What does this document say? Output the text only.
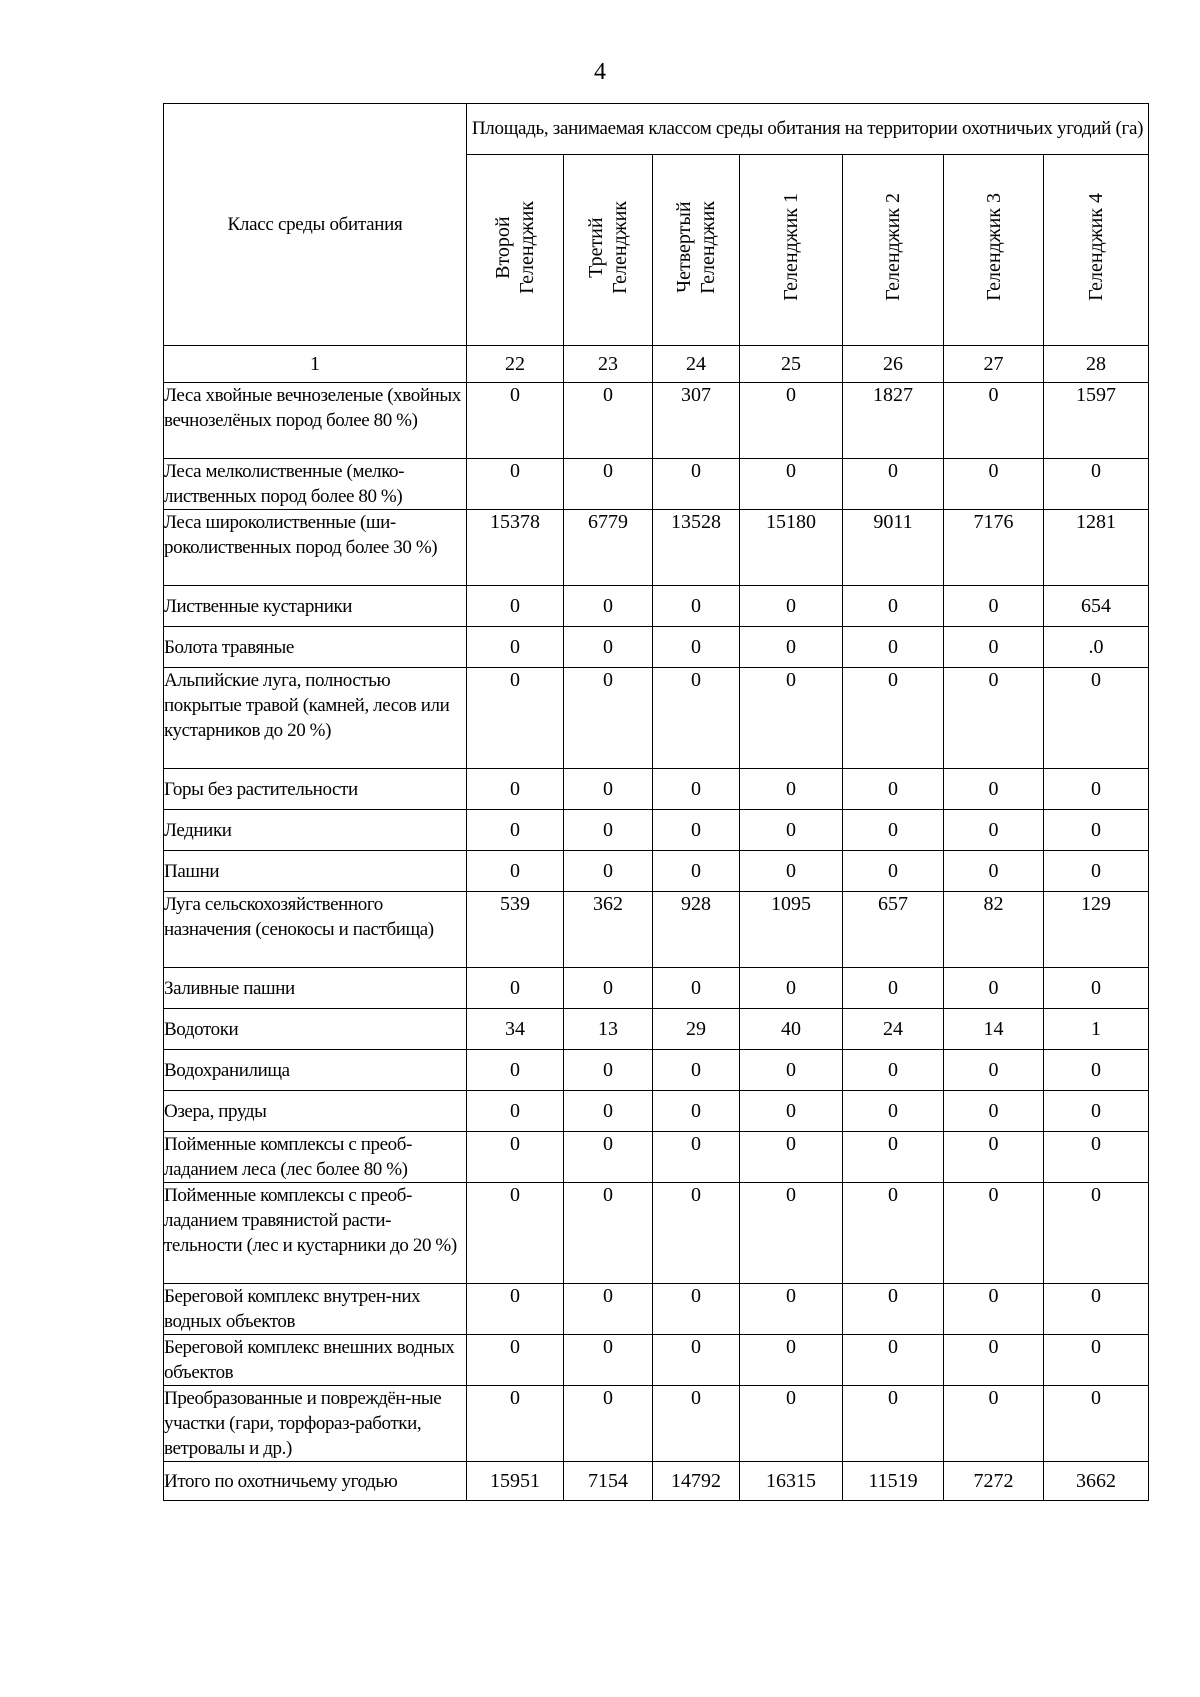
4
Класс среды обитания	Площадь, занимаемая классом среды обитания на территории охотничьих угодий (га)						
	Второй Геленджик	Третий Геленджик	Четвертый Геленджик	Геленджик 1	Геленджик 2	Геленджик 3	Геленджик 4
1	22	23	24	25	26	27	28
Леса хвойные вечнозеленые (хвойных вечнозелёных пород более 80 %)	0	0	307	0	1827	0	1597
Леса мелколиственные (мелко-лиственных пород более 80 %)	0	0	0	0	0	0	0
Леса широколиственные (ши-роколиственных пород более 30 %)	15378	6779	13528	15180	9011	7176	1281
Лиственные кустарники	0	0	0	0	0	0	654
Болота травяные	0	0	0	0	0	0	.0
Альпийские луга, полностью покрытые травой (камней, лесов или кустарников до 20 %)	0	0	0	0	0	0	0
Горы без растительности	0	0	0	0	0	0	0
Ледники	0	0	0	0	0	0	0
Пашни	0	0	0	0	0	0	0
Луга сельскохозяйственного назначения (сенокосы и пастбища)	539	362	928	1095	657	82	129
Заливные пашни	0	0	0	0	0	0	0
Водотоки	34	13	29	40	24	14	1
Водохранилища	0	0	0	0	0	0	0
Озера, пруды	0	0	0	0	0	0	0
Пойменные комплексы с преоб-ладанием леса (лес более 80 %)	0	0	0	0	0	0	0
Пойменные комплексы с преоб-ладанием травянистой расти-тельности (лес и кустарники до 20 %)	0	0	0	0	0	0	0
Береговой комплекс внутрен-них водных объектов	0	0	0	0	0	0	0
Береговой комплекс внешних водных объектов	0	0	0	0	0	0	0
Преобразованные и повреждён-ные участки (гари, торфораз-работки, ветровалы и др.)	0	0	0	0	0	0	0
Итого по охотничьему угодью	15951	7154	14792	16315	11519	7272	3662
